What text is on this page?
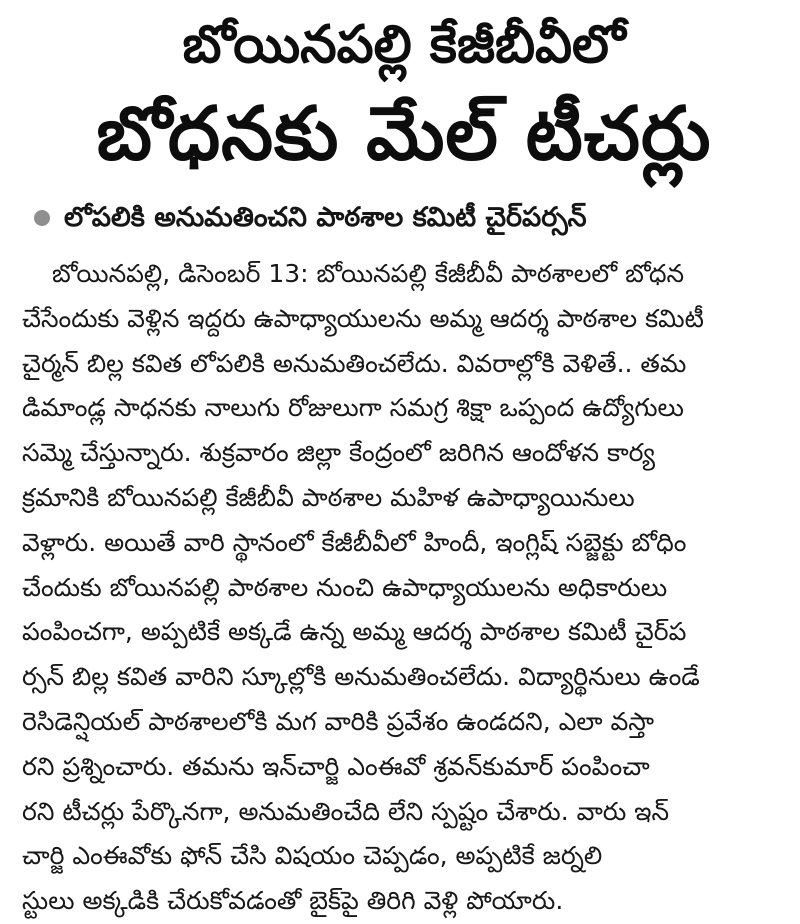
బోయినపల్లి కేజీబీవీలో
బోధనకు మేల్ టీచర్లు
లోపలికి అనుమతించని పాఠశాల కమిటీ చైర్‌పర్సన్
బోయినపల్లి, డిసెంబర్ 13: బోయినపల్లి కేజీబీవీ పాఠశాలలో బోధన
చేసేందుకు వెళ్లిన ఇద్దరు ఉపాధ్యాయులను అమ్మ ఆదర్శ పాఠశాల కమిటీ
చైర్మన్ బిల్ల కవిత లోపలికి అనుమతించలేదు. వివరాల్లోకి వెళితే.. తమ
డిమాండ్ల సాధనకు నాలుగు రోజులుగా సమగ్ర శిక్షా ఒప్పంద ఉద్యోగులు
సమ్మె చేస్తున్నారు. శుక్రవారం జిల్లా కేంద్రంలో జరిగిన ఆందోళన కార్య
క్రమానికి బోయినపల్లి కేజీబీవీ పాఠశాల మహిళ ఉపాధ్యాయినులు
వెళ్లారు. అయితే వారి స్థానంలో కేజీబీవీలో హిందీ, ఇంగ్లిష్ సబ్జెక్టు బోధిం
చేందుకు బోయినపల్లి పాఠశాల నుంచి ఉపాధ్యాయులను అధికారులు
పంపించగా, అప్పటికే అక్కడే ఉన్న అమ్మ ఆదర్శ పాఠశాల కమిటీ చైర్‌ప
ర్సన్ బిల్ల కవిత వారిని స్కూల్లోకి అనుమతించలేదు. విద్యార్థినులు ఉండే
రెసిడెన్షియల్ పాఠశాలలోకి మగ వారికి ప్రవేశం ఉండదని, ఎలా వస్తా
రని ప్రశ్నించారు. తమను ఇన్‌చార్జి ఎంఈవో శ్రవన్‌కుమార్ పంపించా
రని టీచర్లు పేర్కొనగా, అనుమతించేది లేని స్పష్టం చేశారు. వారు ఇన్
చార్జి ఎంఈవోకు ఫోన్ చేసి విషయం చెప్పడం, అప్పటికే జర్నలి
స్టులు అక్కడికి చేరుకోవడంతో బైక్‌పై తిరిగి వెళ్లి పోయారు.
